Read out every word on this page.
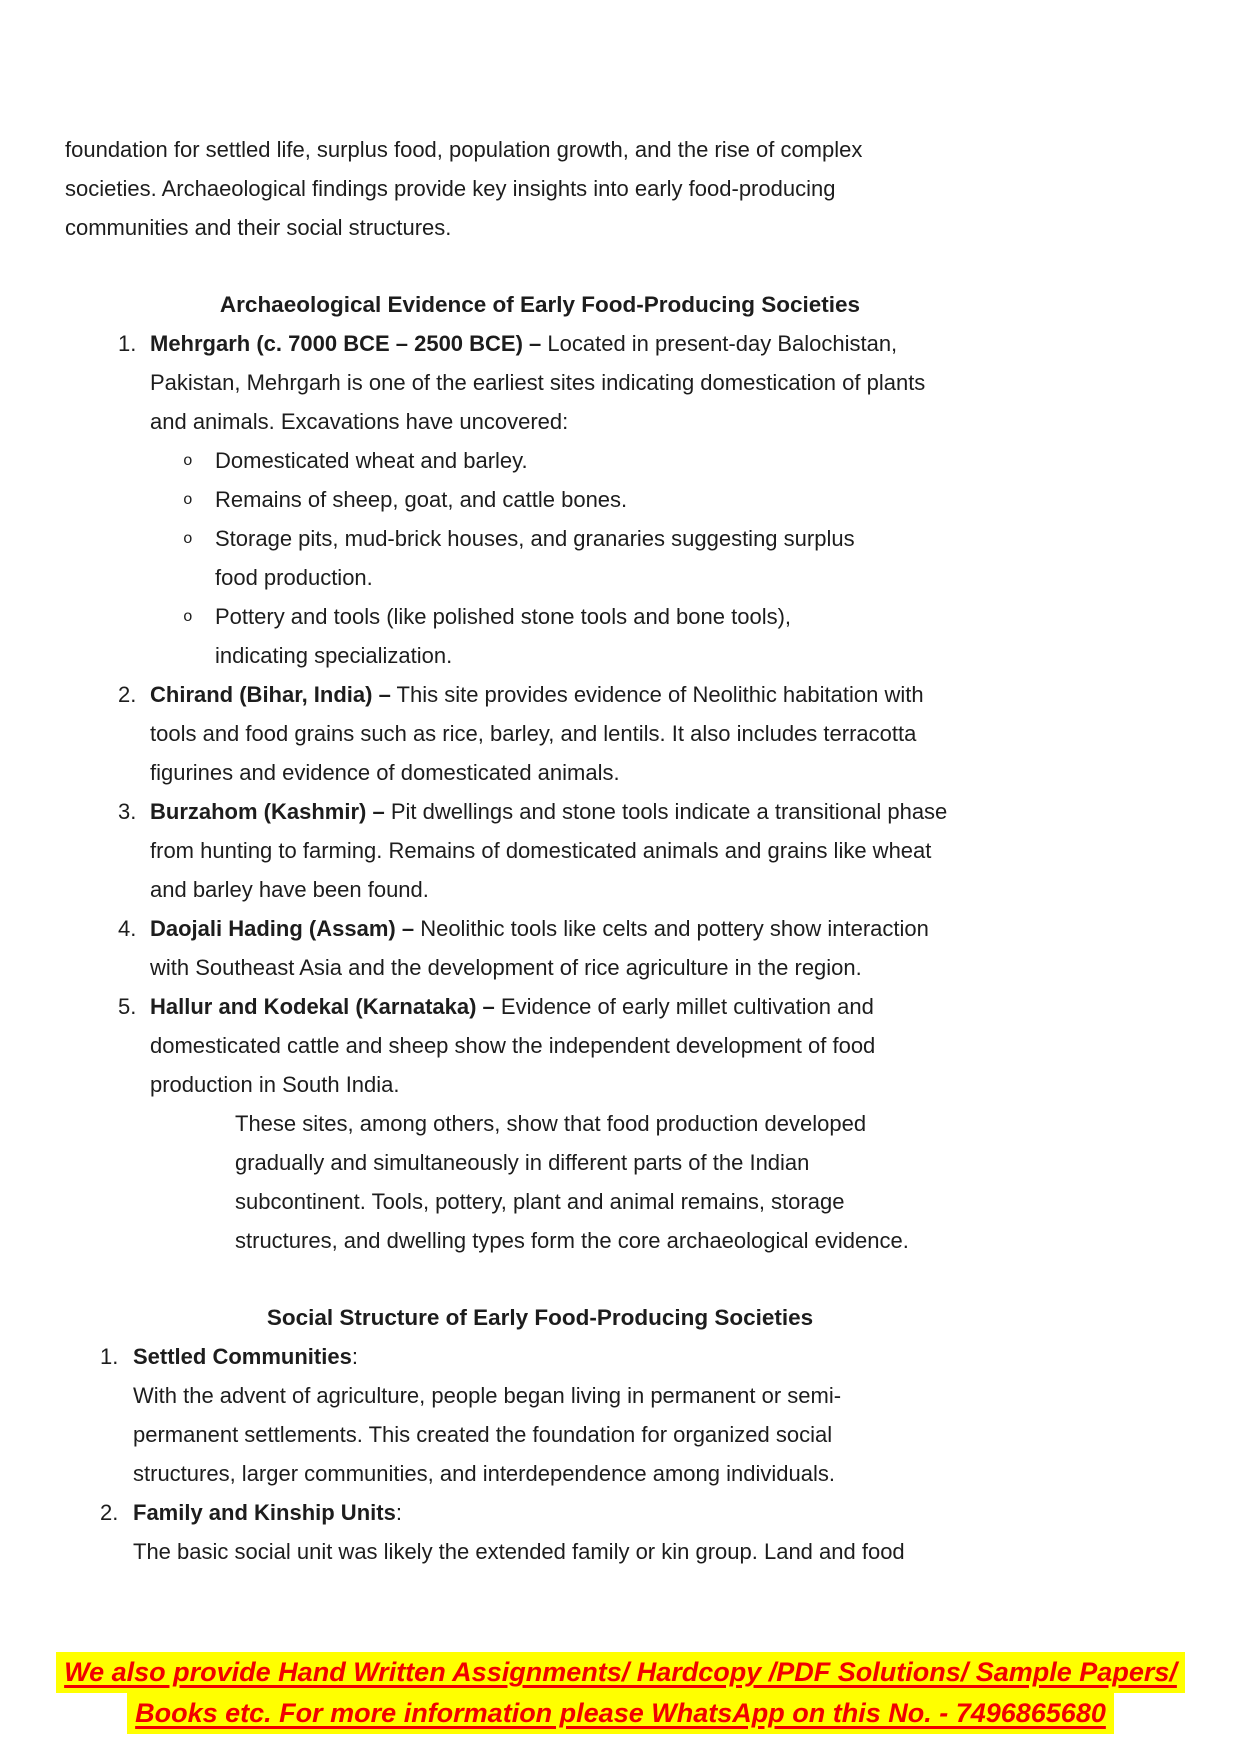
foundation for settled life, surplus food, population growth, and the rise of complex
societies. Archaeological findings provide key insights into early food-producing
communities and their social structures.
Archaeological Evidence of Early Food-Producing Societies
1. Mehrgarh (c. 7000 BCE – 2500 BCE) – Located in present-day Balochistan,
Pakistan, Mehrgarh is one of the earliest sites indicating domestication of plants
and animals. Excavations have uncovered:
o Domesticated wheat and barley.
o Remains of sheep, goat, and cattle bones.
o Storage pits, mud-brick houses, and granaries suggesting surplus
food production.
o Pottery and tools (like polished stone tools and bone tools),
indicating specialization.
2. Chirand (Bihar, India) – This site provides evidence of Neolithic habitation with
tools and food grains such as rice, barley, and lentils. It also includes terracotta
figurines and evidence of domesticated animals.
3. Burzahom (Kashmir) – Pit dwellings and stone tools indicate a transitional phase
from hunting to farming. Remains of domesticated animals and grains like wheat
and barley have been found.
4. Daojali Hading (Assam) – Neolithic tools like celts and pottery show interaction
with Southeast Asia and the development of rice agriculture in the region.
5. Hallur and Kodekal (Karnataka) – Evidence of early millet cultivation and
domesticated cattle and sheep show the independent development of food
production in South India.
These sites, among others, show that food production developed
gradually and simultaneously in different parts of the Indian
subcontinent. Tools, pottery, plant and animal remains, storage
structures, and dwelling types form the core archaeological evidence.
Social Structure of Early Food-Producing Societies
1. Settled Communities:
With the advent of agriculture, people began living in permanent or semi-
permanent settlements. This created the foundation for organized social
structures, larger communities, and interdependence among individuals.
2. Family and Kinship Units:
The basic social unit was likely the extended family or kin group. Land and food
We also provide Hand Written Assignments/ Hardcopy /PDF Solutions/ Sample Papers/
Books etc. For more information please WhatsApp on this No. - 7496865680
